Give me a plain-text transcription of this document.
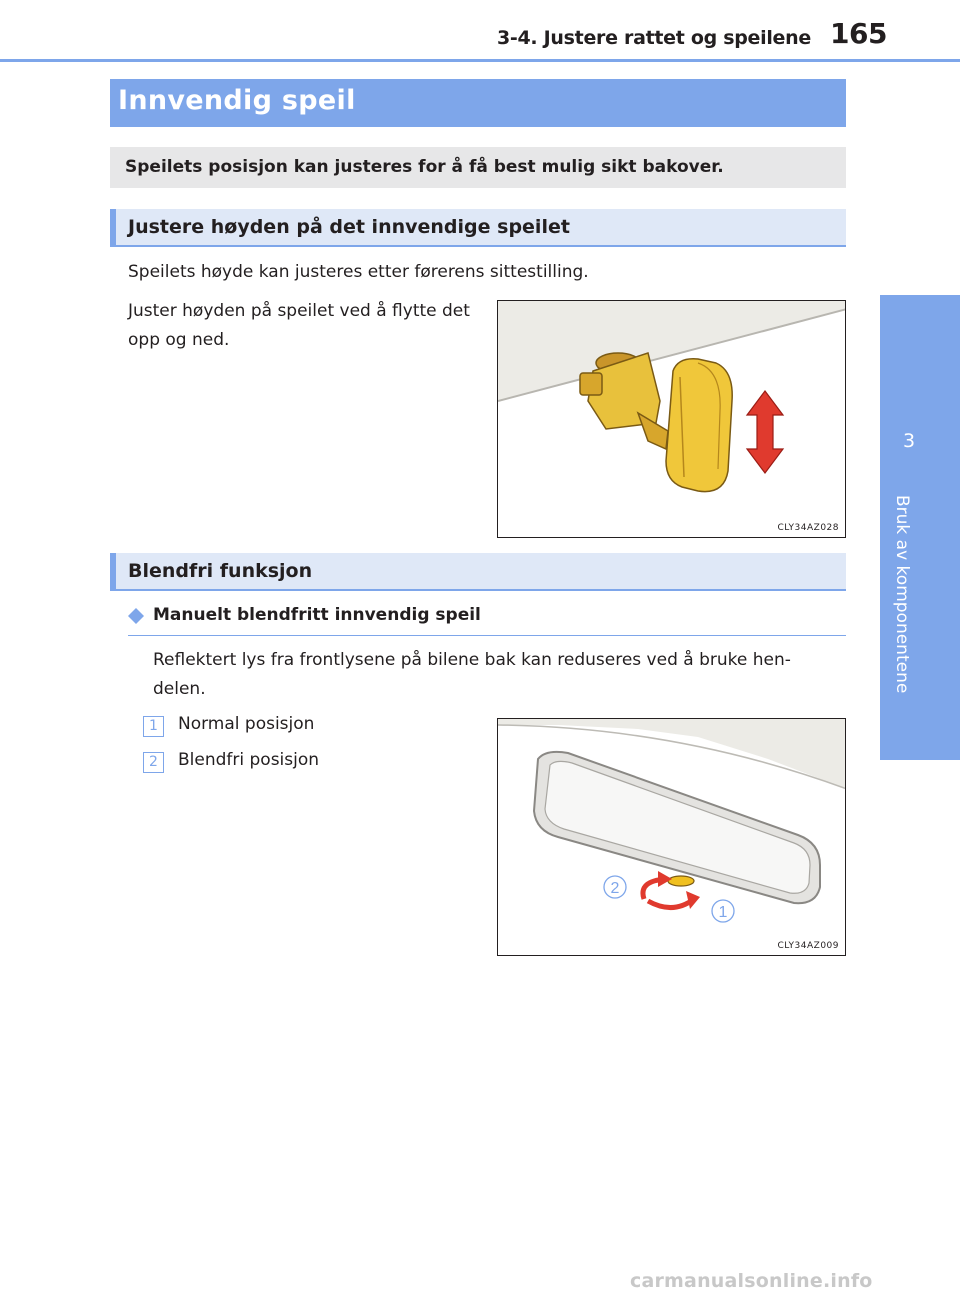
3-4. Justere rattet og speilene 165
3
Bruk av komponentene
Innvendig speil
Speilets posisjon kan justeres for å få best mulig sikt bakover.
Justere høyden på det innvendige speilet
Speilets høyde kan justeres etter førerens sittestilling.
Juster høyden på speilet ved å flytte det
opp og ned.
CLY34AZ028
Blendfri funksjon
Manuelt blendfritt innvendig speil
Reflektert lys fra frontlysene på bilene bak kan reduseres ved å bruke hen-
delen.
1	Normal posisjon
2	Blendfri posisjon
2
1
CLY34AZ009
carmanualsonline.info
